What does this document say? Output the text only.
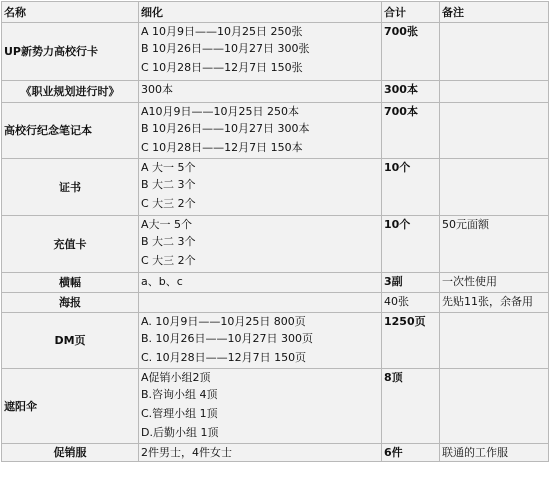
名称	细化	合计	备注
UP新势力高校行卡	A 10月9日——10月25日 250张
B 10月26日——10月27日 300张
C 10月28日——12月7日 150张	700张	
《职业规划进行时》	300本	300本	
高校行纪念笔记本	A10月9日——10月25日 250本
B 10月26日——10月27日 300本
C 10月28日——12月7日 150本	700本	
证书	A 大一 5个
B 大二 3个
C 大三 2个	10个	
充值卡	A大一 5个
B 大二 3个
C 大三 2个	10个	50元面额
横幅	a、b、c	3副	一次性使用
海报		40张	先贴11张，余备用
DM页	A. 10月9日——10月25日 800页
B. 10月26日——10月27日 300页
C. 10月28日——12月7日 150页	1250页	
遮阳伞	A促销小组2顶
B.咨询小组 4顶
C.管理小组 1顶
D.后勤小组 1顶	8顶	
促销服	2件男士，4件女士	6件	联通的工作服
